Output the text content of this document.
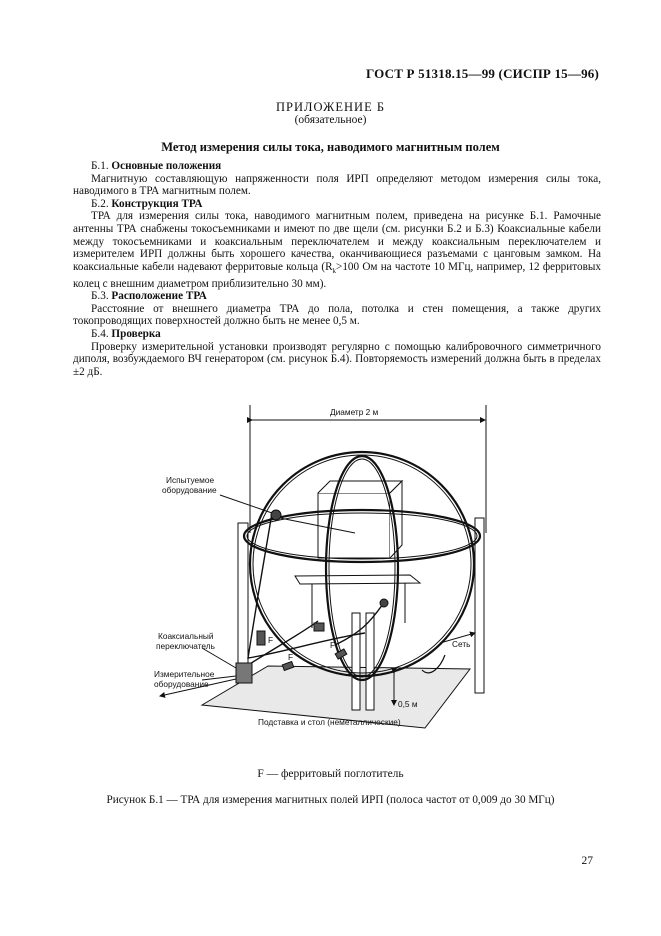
ГОСТ Р 51318.15—99 (СИСПР 15—96)
ПРИЛОЖЕНИЕ Б
(обязательное)
Метод измерения силы тока, наводимого магнитным полем

Б.1. Основные положения

Магнитную составляющую напряженности поля ИРП определяют методом измерения силы тока, наводимого в ТРА магнитным полем.

Б.2. Конструкция ТРА

ТРА для измерения силы тока, наводимого магнитным полем, приведена на рисунке Б.1. Рамочные антенны ТРА снабжены токосъемниками и имеют по две щели (см. рисунки Б.2 и Б.3) Коаксиальные кабели между токосъемниками и коаксиальным переключателем и между коаксиальным переключателем и измерителем ИРП должны быть хорошего качества, оканчивающиеся разъемами с цанговым замком. На коаксиальные кабели надевают ферритовые кольца ($R_k>100$ Ом на частоте 10 МГц, например, 12 ферритовых колец с внешним диаметром приблизительно 30 мм).

Б.3. Расположение ТРА

Расстояние от внешнего диаметра ТРА до пола, потолка и стен помещения, а также других токопроводящих поверхностей должно быть не менее 0,5 м.

Б.4. Проверка

Проверку измерительной установки производят регулярно с помощью калибровочного симметричного диполя, возбуждаемого ВЧ генератором (см. рисунок Б.4). Повторяемость измерений должна быть в пределах ±2 дБ.

Диаметр 2 м
Испытуемое
оборудование
Коаксиальный
переключатель
Измерительное
оборудование
F
F
F	Сеть
0,5 м
Подставка и стол (неметаллические)
F — ферритовый поглотитель
Рисунок Б.1 — ТРА для измерения магнитных полей ИРП (полоса частот от 0,009 до 30 МГц)
27
